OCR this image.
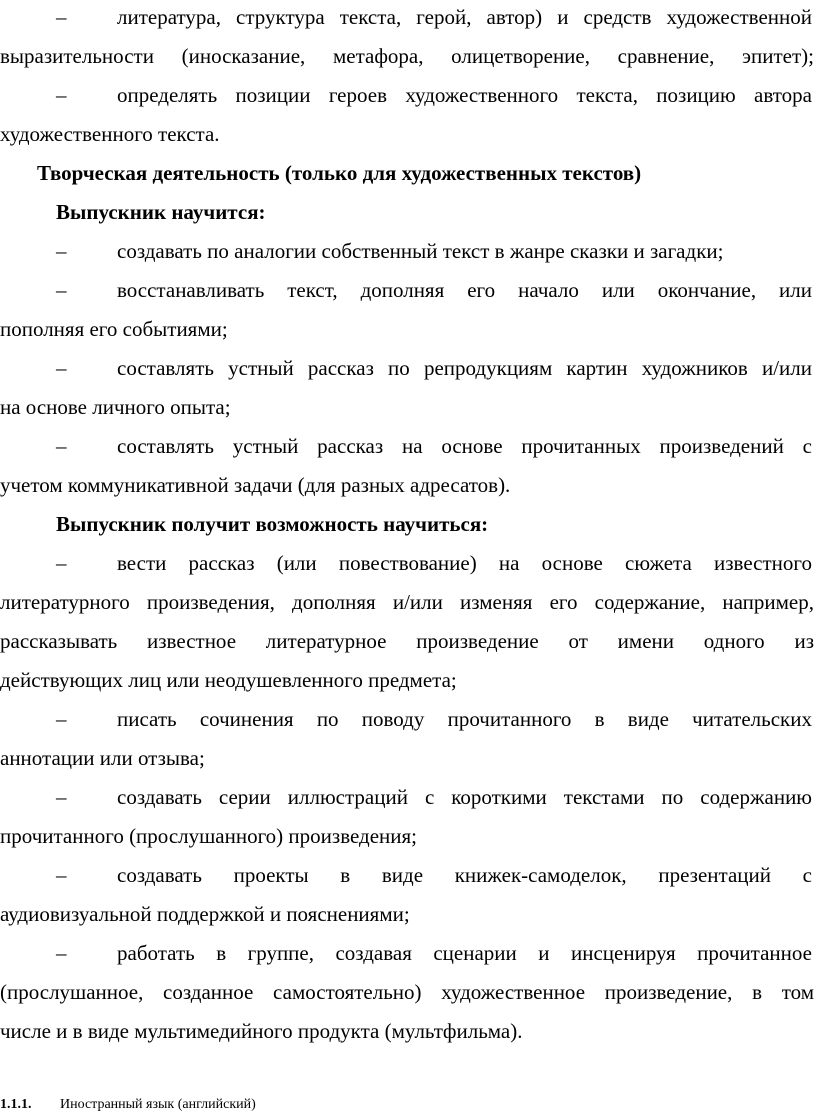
– литература, структура текста, герой, автор) и средств художественной
выразительности (иносказание, метафора, олицетворение, сравнение, эпитет);
– определять позиции героев художественного текста, позицию автора
художественного текста.
Творческая деятельность (только для художественных текстов)
Выпускник научится:
– создавать по аналогии собственный текст в жанре сказки и загадки;
– восстанавливать текст, дополняя его начало или окончание, или
пополняя его событиями;
– составлять устный рассказ по репродукциям картин художников и/или
на основе личного опыта;
– составлять устный рассказ на основе прочитанных произведений с
учетом коммуникативной задачи (для разных адресатов).
Выпускник получит возможность научиться:
– вести рассказ (или повествование) на основе сюжета известного
литературного произведения, дополняя и/или изменяя его содержание, например,
рассказывать известное литературное произведение от имени одного из
действующих лиц или неодушевленного предмета;
– писать сочинения по поводу прочитанного в виде читательских
аннотации или отзыва;
– создавать серии иллюстраций с короткими текстами по содержанию
прочитанного (прослушанного) произведения;
– создавать проекты в виде книжек-самоделок, презентаций с
аудиовизуальной поддержкой и пояснениями;
– работать в группе, создавая сценарии и инсценируя прочитанное
(прослушанное, созданное самостоятельно) художественное произведение, в том
числе и в виде мультимедийного продукта (мультфильма).
1.1.1. Иностранный язык (английский)
